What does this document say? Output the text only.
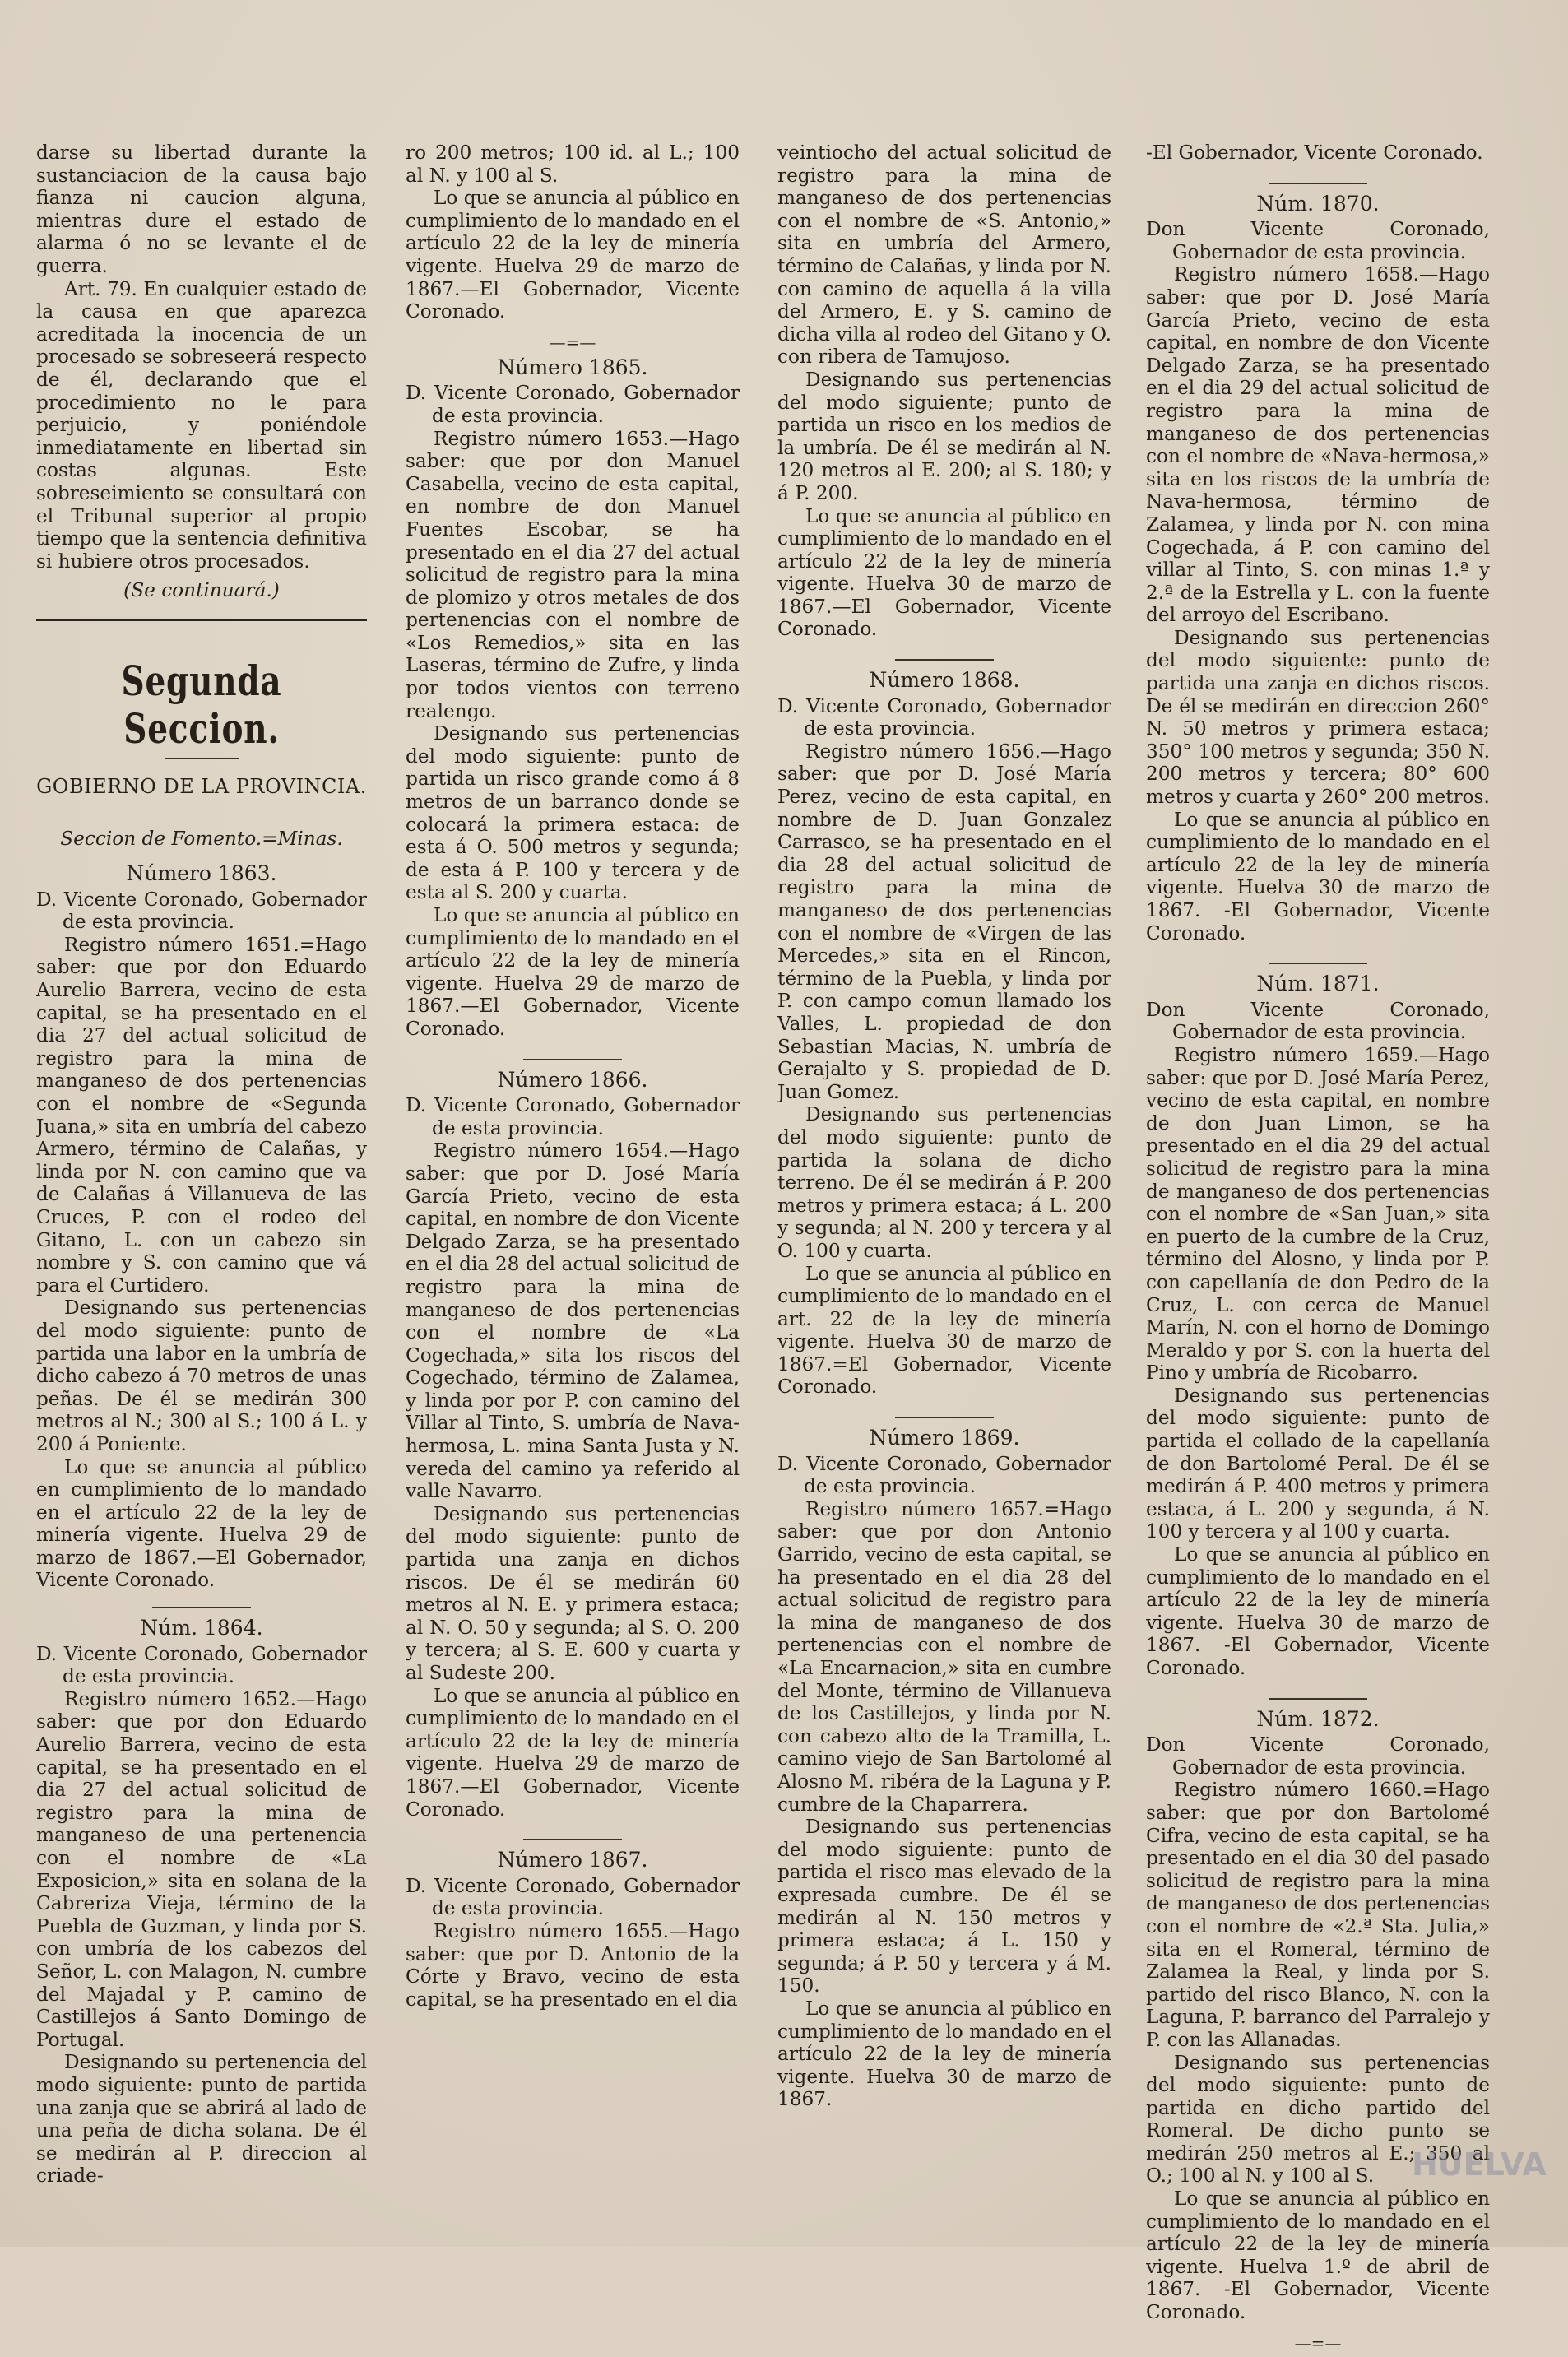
darse su libertad durante la sustanciacion de la causa bajo fianza ni caucion alguna, mientras dure el estado de alarma ó no se levante el de guerra.

Art. 79. En cualquier estado de la causa en que aparezca acreditada la inocencia de un procesado se sobreseerá respecto de él, declarando que el procedimiento no le para perjuicio, y poniéndole inmediatamente en libertad sin costas algunas. Este sobreseimiento se consultará con el Tribunal superior al propio tiempo que la sentencia definitiva si hubiere otros procesados.

(Se continuará.)
Segunda Seccion.
GOBIERNO DE LA PROVINCIA.
Seccion de Fomento.=Minas.
Número 1863.

D. Vicente Coronado, Gobernador de esta provincia.

Registro número 1651.=Hago saber: que por don Eduardo Aurelio Barrera, vecino de esta capital, se ha presentado en el dia 27 del actual solicitud de registro para la mina de manganeso de dos pertenencias con el nombre de «Segunda Juana,» sita en umbría del cabezo Armero, término de Calañas, y linda por N. con camino que va de Calañas á Villanueva de las Cruces, P. con el rodeo del Gitano, L. con un cabezo sin nombre y S. con camino que vá para el Curtidero.

Designando sus pertenencias del modo siguiente: punto de partida una labor en la umbría de dicho cabezo á 70 metros de unas peñas. De él se medirán 300 metros al N.; 300 al S.; 100 á L. y 200 á Poniente.

Lo que se anuncia al público en cumplimiento de lo mandado en el artículo 22 de la ley de minería vigente. Huelva 29 de marzo de 1867.—El Gobernador, Vicente Coronado.

Núm. 1864.

D. Vicente Coronado, Gobernador de esta provincia.

Registro número 1652.—Hago saber: que por don Eduardo Aurelio Barrera, vecino de esta capital, se ha presentado en el dia 27 del actual solicitud de registro para la mina de manganeso de una pertenencia con el nombre de «La Exposicion,» sita en solana de la Cabreriza Vieja, término de la Puebla de Guzman, y linda por S. con umbría de los cabezos del Señor, L. con Malagon, N. cumbre del Majadal y P. camino de Castillejos á Santo Domingo de Portugal.

Designando su pertenencia del modo siguiente: punto de partida una zanja que se abrirá al lado de una peña de dicha solana. De él se medirán al P. direccion al criade-

ro 200 metros; 100 id. al L.; 100 al N. y 100 al S.

Lo que se anuncia al público en cumplimiento de lo mandado en el artículo 22 de la ley de minería vigente. Huelva 29 de marzo de 1867.—El Gobernador, Vicente Coronado.

—=—
Número 1865.

D. Vicente Coronado, Gobernador de esta provincia.

Registro número 1653.—Hago saber: que por don Manuel Casabella, vecino de esta capital, en nombre de don Manuel Fuentes Escobar, se ha presentado en el dia 27 del actual solicitud de registro para la mina de plomizo y otros metales de dos pertenencias con el nombre de «Los Remedios,» sita en las Laseras, término de Zufre, y linda por todos vientos con terreno realengo.

Designando sus pertenencias del modo siguiente: punto de partida un risco grande como á 8 metros de un barranco donde se colocará la primera estaca: de esta á O. 500 metros y segunda; de esta á P. 100 y tercera y de esta al S. 200 y cuarta.

Lo que se anuncia al público en cumplimiento de lo mandado en el artículo 22 de la ley de minería vigente. Huelva 29 de marzo de 1867.—El Gobernador, Vicente Coronado.

Número 1866.

D. Vicente Coronado, Gobernador de esta provincia.

Registro número 1654.—Hago saber: que por D. José María García Prieto, vecino de esta capital, en nombre de don Vicente Delgado Zarza, se ha presentado en el dia 28 del actual solicitud de registro para la mina de manganeso de dos pertenencias con el nombre de «La Cogechada,» sita los riscos del Cogechado, término de Zalamea, y linda por por P. con camino del Villar al Tinto, S. umbría de Nava-hermosa, L. mina Santa Justa y N. vereda del camino ya referido al valle Navarro.

Designando sus pertenencias del modo siguiente: punto de partida una zanja en dichos riscos. De él se medirán 60 metros al N. E. y primera estaca; al N. O. 50 y segunda; al S. O. 200 y tercera; al S. E. 600 y cuarta y al Sudeste 200.

Lo que se anuncia al público en cumplimiento de lo mandado en el artículo 22 de la ley de minería vigente. Huelva 29 de marzo de 1867.—El Gobernador, Vicente Coronado.

Número 1867.

D. Vicente Coronado, Gobernador de esta provincia.

Registro número 1655.—Hago saber: que por D. Antonio de la Córte y Bravo, vecino de esta capital, se ha presentado en el dia

veintiocho del actual solicitud de registro para la mina de manganeso de dos pertenencias con el nombre de «S. Antonio,» sita en umbría del Armero, término de Calañas, y linda por N. con camino de aquella á la villa del Armero, E. y S. camino de dicha villa al rodeo del Gitano y O. con ribera de Tamujoso.

Designando sus pertenencias del modo siguiente; punto de partida un risco en los medios de la umbría. De él se medirán al N. 120 metros al E. 200; al S. 180; y á P. 200.

Lo que se anuncia al público en cumplimiento de lo mandado en el artículo 22 de la ley de minería vigente. Huelva 30 de marzo de 1867.—El Gobernador, Vicente Coronado.

Número 1868.

D. Vicente Coronado, Gobernador de esta provincia.

Registro número 1656.—Hago saber: que por D. José María Perez, vecino de esta capital, en nombre de D. Juan Gonzalez Carrasco, se ha presentado en el dia 28 del actual solicitud de registro para la mina de manganeso de dos pertenencias con el nombre de «Virgen de las Mercedes,» sita en el Rincon, término de la Puebla, y linda por P. con campo comun llamado los Valles, L. propiedad de don Sebastian Macias, N. umbría de Gerajalto y S. propiedad de D. Juan Gomez.

Designando sus pertenencias del modo siguiente: punto de partida la solana de dicho terreno. De él se medirán á P. 200 metros y primera estaca; á L. 200 y segunda; al N. 200 y tercera y al O. 100 y cuarta.

Lo que se anuncia al público en cumplimiento de lo mandado en el art. 22 de la ley de minería vigente. Huelva 30 de marzo de 1867.=El Gobernador, Vicente Coronado.

Número 1869.

D. Vicente Coronado, Gobernador de esta provincia.

Registro número 1657.=Hago saber: que por don Antonio Garrido, vecino de esta capital, se ha presentado en el dia 28 del actual solicitud de registro para la mina de manganeso de dos pertenencias con el nombre de «La Encarnacion,» sita en cumbre del Monte, término de Villanueva de los Castillejos, y linda por N. con cabezo alto de la Tramilla, L. camino viejo de San Bartolomé al Alosno M. ribéra de la Laguna y P. cumbre de la Chaparrera.

Designando sus pertenencias del modo siguiente: punto de partida el risco mas elevado de la expresada cumbre. De él se medirán al N. 150 metros y primera estaca; á L. 150 y segunda; á P. 50 y tercera y á M. 150.

Lo que se anuncia al público en cumplimiento de lo mandado en el artículo 22 de la ley de minería vigente. Huelva 30 de marzo de 1867.

-El Gobernador, Vicente Coronado.

Núm. 1870.

Don Vicente Coronado, Gobernador de esta provincia.

Registro número 1658.—Hago saber: que por D. José María García Prieto, vecino de esta capital, en nombre de don Vicente Delgado Zarza, se ha presentado en el dia 29 del actual solicitud de registro para la mina de manganeso de dos pertenencias con el nombre de «Nava-hermosa,» sita en los riscos de la umbría de Nava-hermosa, término de Zalamea, y linda por N. con mina Cogechada, á P. con camino del villar al Tinto, S. con minas 1.ª y 2.ª de la Estrella y L. con la fuente del arroyo del Escribano.

Designando sus pertenencias del modo siguiente: punto de partida una zanja en dichos riscos. De él se medirán en direccion 260° N. 50 metros y primera estaca; 350° 100 metros y segunda; 350 N. 200 metros y tercera; 80° 600 metros y cuarta y 260° 200 metros.

Lo que se anuncia al público en cumplimiento de lo mandado en el artículo 22 de la ley de minería vigente. Huelva 30 de marzo de 1867. -El Gobernador, Vicente Coronado.

Núm. 1871.

Don Vicente Coronado, Gobernador de esta provincia.

Registro número 1659.—Hago saber: que por D. José María Perez, vecino de esta capital, en nombre de don Juan Limon, se ha presentado en el dia 29 del actual solicitud de registro para la mina de manganeso de dos pertenencias con el nombre de «San Juan,» sita en puerto de la cumbre de la Cruz, término del Alosno, y linda por P. con capellanía de don Pedro de la Cruz, L. con cerca de Manuel Marín, N. con el horno de Domingo Meraldo y por S. con la huerta del Pino y umbría de Ricobarro.

Designando sus pertenencias del modo siguiente: punto de partida el collado de la capellanía de don Bartolomé Peral. De él se medirán á P. 400 metros y primera estaca, á L. 200 y segunda, á N. 100 y tercera y al 100 y cuarta.

Lo que se anuncia al público en cumplimiento de lo mandado en el artículo 22 de la ley de minería vigente. Huelva 30 de marzo de 1867. -El Gobernador, Vicente Coronado.

Núm. 1872.

Don Vicente Coronado, Gobernador de esta provincia.

Registro número 1660.=Hago saber: que por don Bartolomé Cifra, vecino de esta capital, se ha presentado en el dia 30 del pasado solicitud de registro para la mina de manganeso de dos pertenencias con el nombre de «2.ª Sta. Julia,» sita en el Romeral, término de Zalamea la Real, y linda por S. partido del risco Blanco, N. con la Laguna, P. barranco del Parralejo y P. con las Allanadas.

Designando sus pertenencias del modo siguiente: punto de partida en dicho partido del Romeral. De dicho punto se medirán 250 metros al E.; 350 al O.; 100 al N. y 100 al S.

Lo que se anuncia al público en cumplimiento de lo mandado en el artículo 22 de la ley de minería vigente. Huelva 1.º de abril de 1867. -El Gobernador, Vicente Coronado.

—=—
HUELVA
